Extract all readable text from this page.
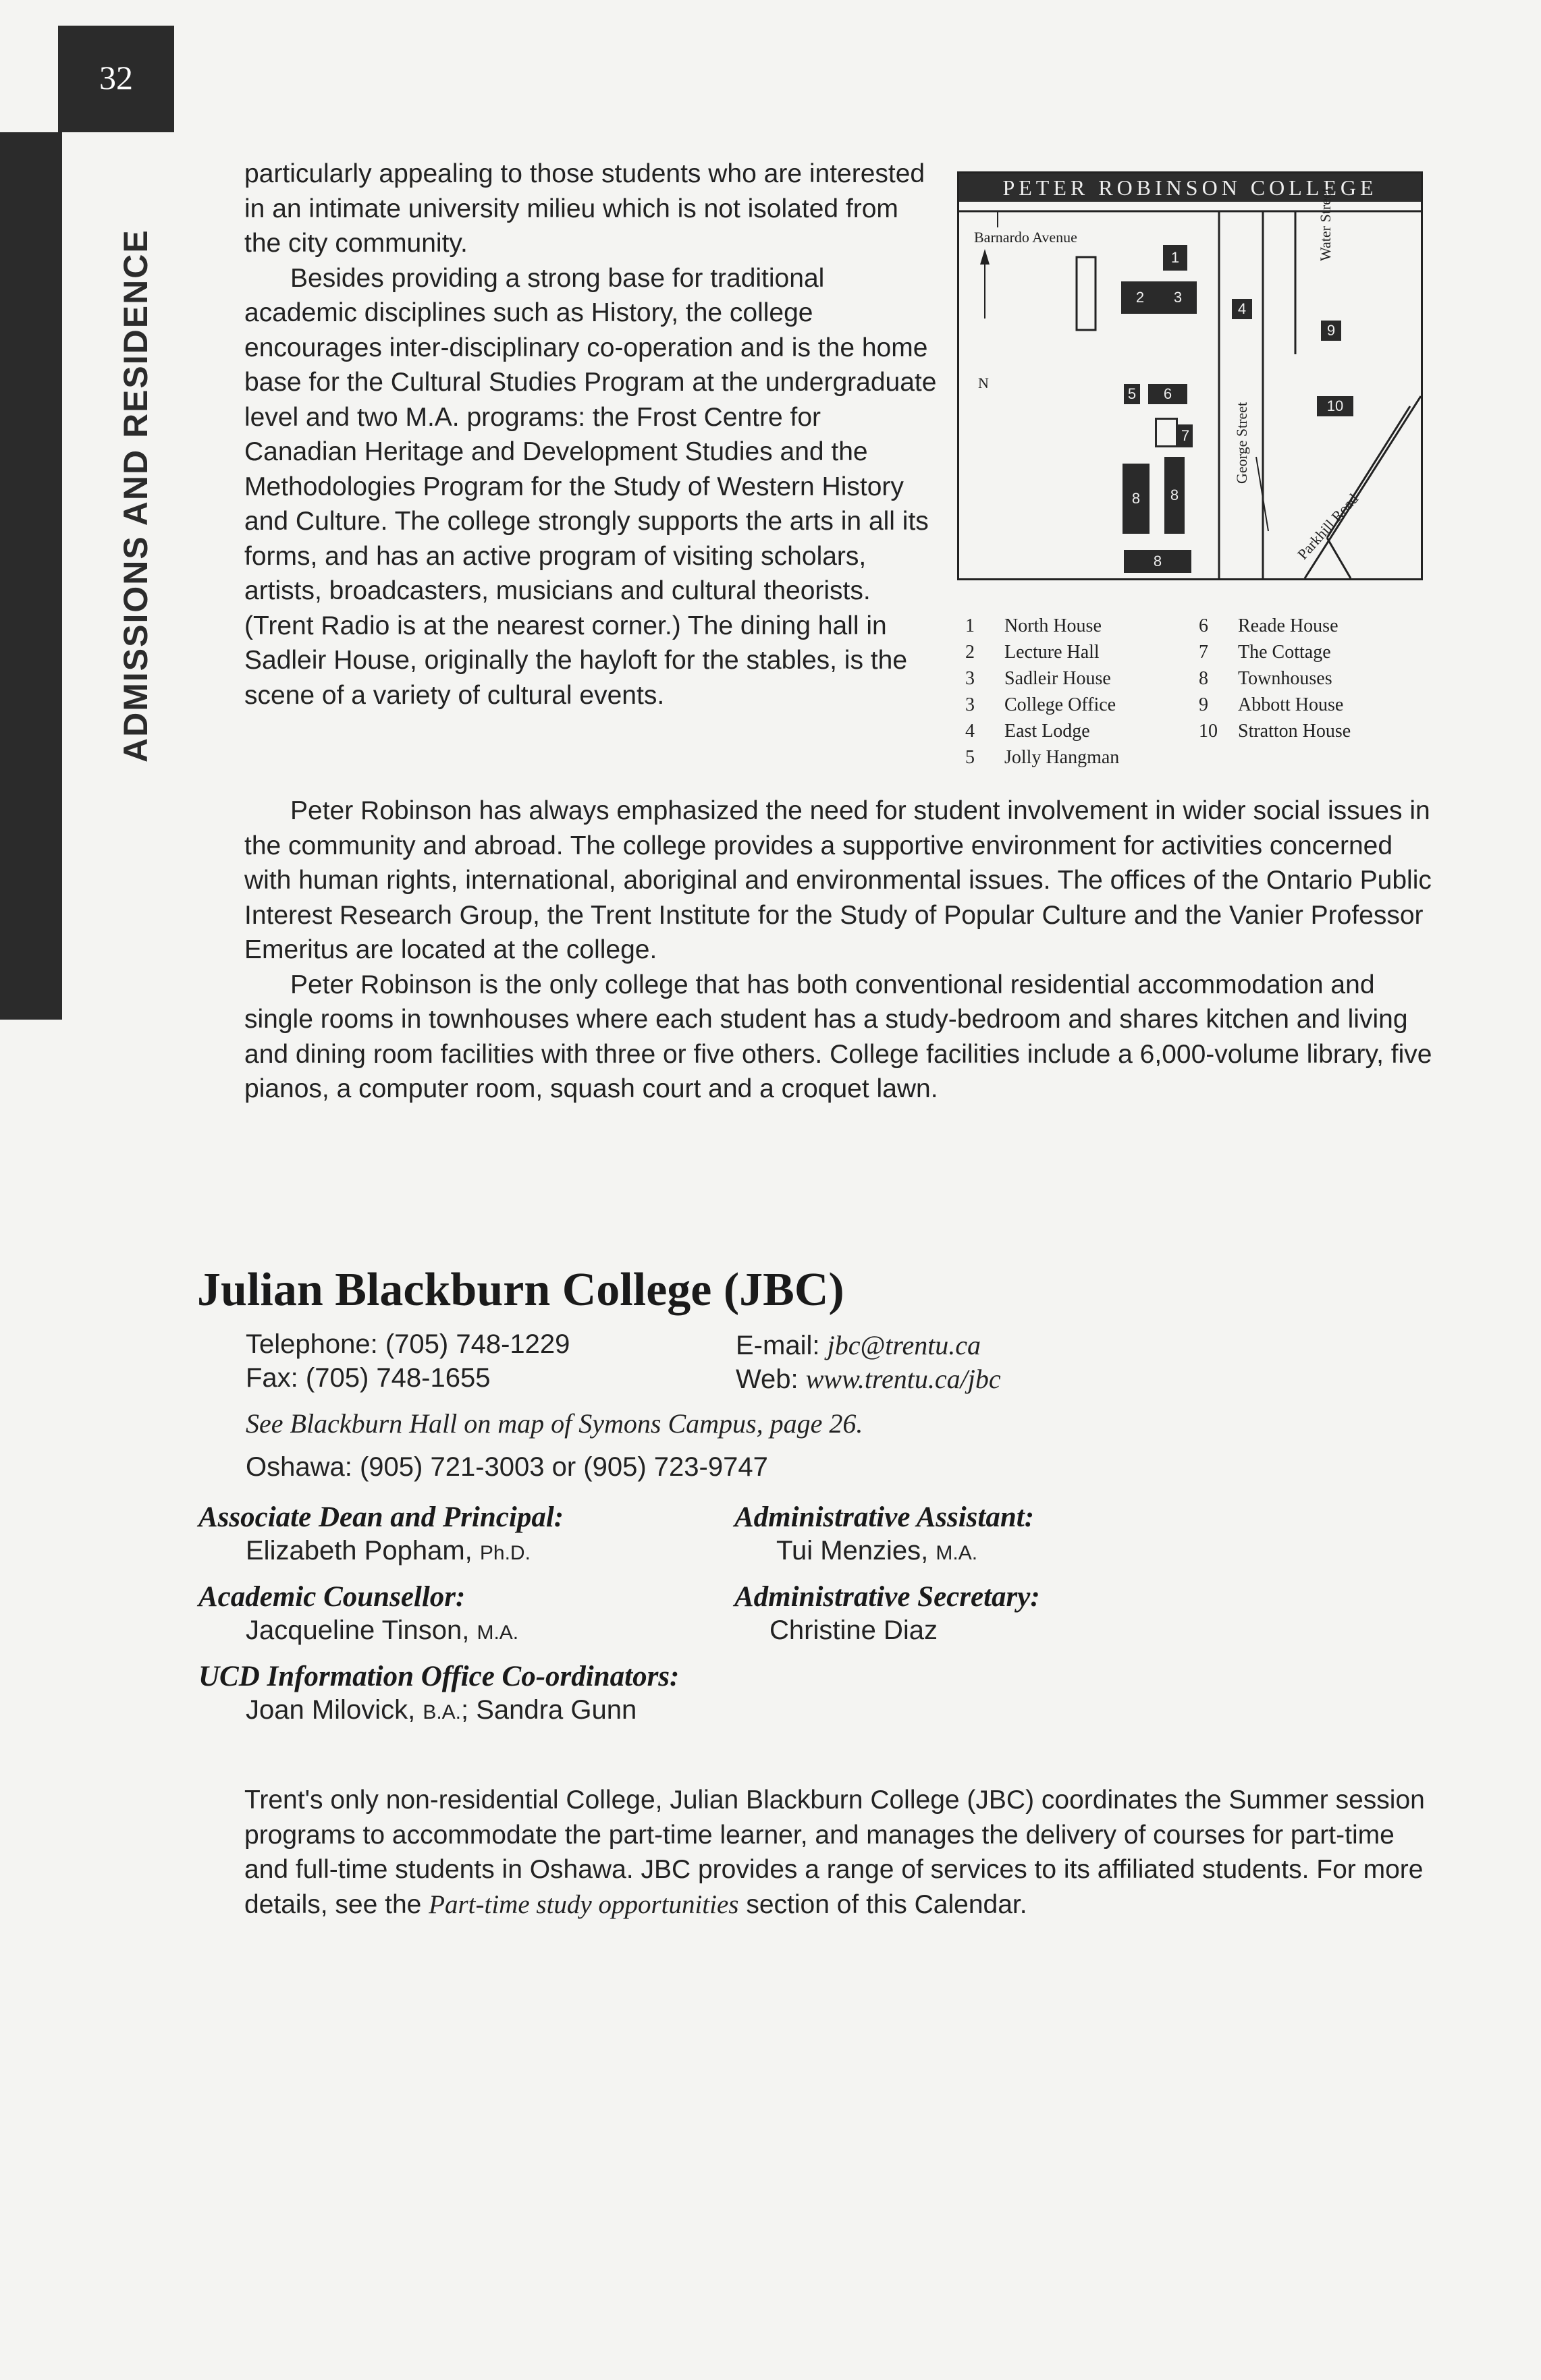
32
ADMISSIONS AND RESIDENCE

particularly appealing to those students who are interested in an intimate university milieu which is not isolated from the city community.

Besides providing a strong base for traditional academic disciplines such as History, the college encourages inter-disciplinary co-operation and is the home base for the Cultural Studies Program at the undergraduate level and two M.A. programs: the Frost Centre for Canadian Heritage and Development Studies and the Methodologies Program for the Study of Western History and Culture. The college strongly supports the arts in all its forms, and has an active program of visiting scholars, artists, broadcasters, musicians and cultural theorists. (Trent Radio is at the nearest corner.) The dining hall in Sadleir House, originally the hayloft for the stables, is the scene of a variety of cultural events.

PETER ROBINSON COLLEGE
Barnardo Avenue
N
Water Street
George Street
Parkhill Road
1
2 3
4
5	6
7
8	8
8
9
10
1 North House
2 Lecture Hall
3 Sadleir House
3 College Office
4 East Lodge
5 Jolly Hangman
6 Reade House
7 The Cottage
8 Townhouses
9 Abbott House
10 Stratton House

Peter Robinson has always emphasized the need for student involvement in wider social issues in the community and abroad. The college provides a supportive environment for activities concerned with human rights, international, aboriginal and environmental issues. The offices of the Ontario Public Interest Research Group, the Trent Institute for the Study of Popular Culture and the Vanier Professor Emeritus are located at the college.

Peter Robinson is the only college that has both conventional residential accommodation and single rooms in townhouses where each student has a study-bedroom and shares kitchen and living and dining room facilities with three or five others. College facilities include a 6,000-volume library, five pianos, a computer room, squash court and a croquet lawn.

Julian Blackburn College (JBC)
Telephone: (705) 748-1229
Fax: (705) 748-1655
E-mail: jbc@trentu.ca
Web: www.trentu.ca/jbc
See Blackburn Hall on map of Symons Campus, page 26.
Oshawa: (905) 721-3003 or (905) 723-9747
Associate Dean and Principal:
Elizabeth Popham, Ph.D.
Administrative Assistant:
Tui Menzies, M.A.
Academic Counsellor:
Jacqueline Tinson, M.A.
Administrative Secretary:
Christine Diaz
UCD Information Office Co-ordinators:
Joan Milovick, B.A.; Sandra Gunn

Trent's only non-residential College, Julian Blackburn College (JBC) coordinates the Summer session programs to accommodate the part-time learner, and manages the delivery of courses for part-time and full-time students in Oshawa. JBC provides a range of services to its affiliated students. For more details, see the Part-time study opportunities section of this Calendar.
